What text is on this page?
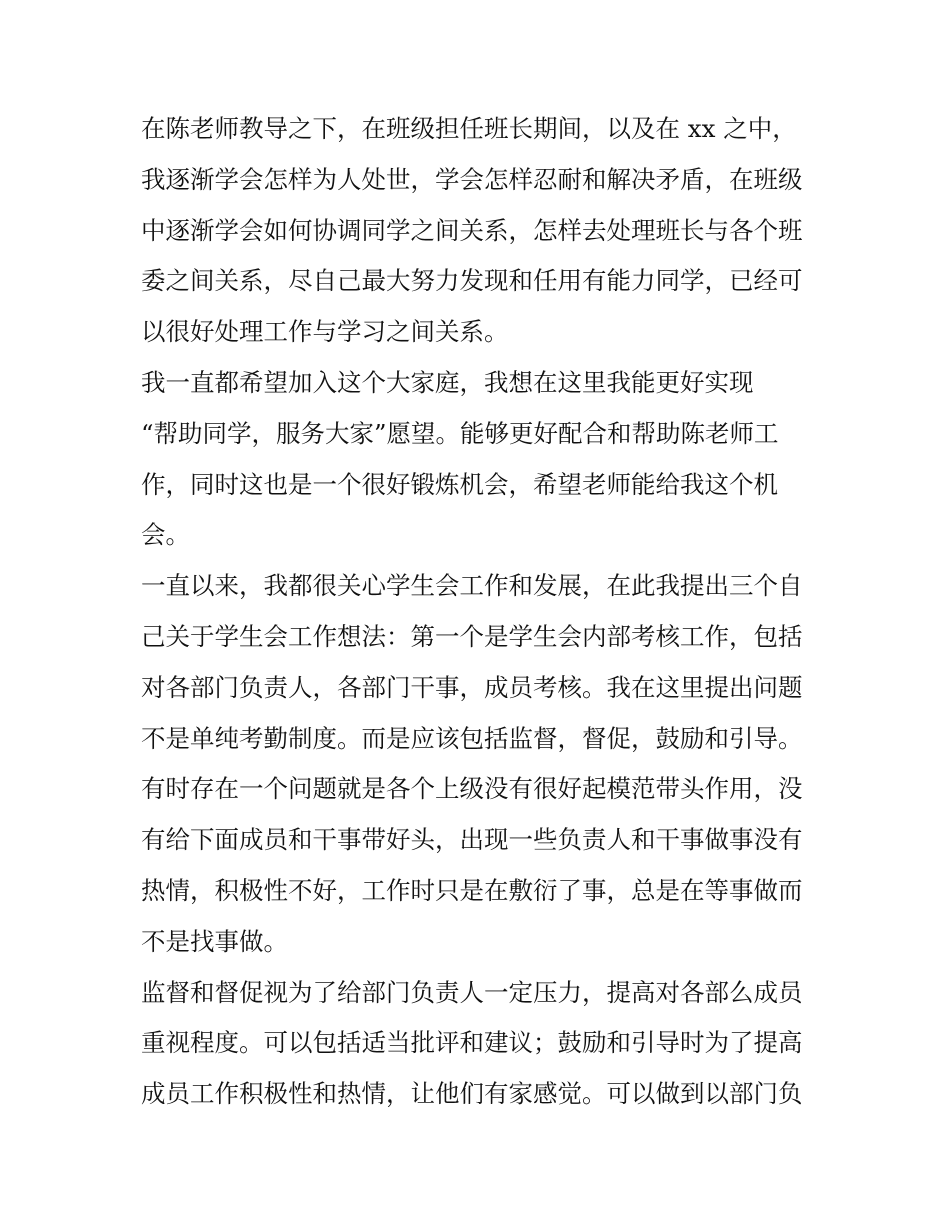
在陈老师教导之下，在班级担任班长期间，以及在 xx 之中，
我逐渐学会怎样为人处世，学会怎样忍耐和解决矛盾，在班级
中逐渐学会如何协调同学之间关系，怎样去处理班长与各个班
委之间关系，尽自己最大努力发现和任用有能力同学，已经可
以很好处理工作与学习之间关系。
我一直都希望加入这个大家庭，我想在这里我能更好实现
“帮助同学，服务大家”愿望。能够更好配合和帮助陈老师工
作，同时这也是一个很好锻炼机会，希望老师能给我这个机
会。
一直以来，我都很关心学生会工作和发展，在此我提出三个自
己关于学生会工作想法：第一个是学生会内部考核工作，包括
对各部门负责人，各部门干事，成员考核。我在这里提出问题
不是单纯考勤制度。而是应该包括监督，督促，鼓励和引导。
有时存在一个问题就是各个上级没有很好起模范带头作用，没
有给下面成员和干事带好头，出现一些负责人和干事做事没有
热情，积极性不好，工作时只是在敷衍了事，总是在等事做而
不是找事做。
监督和督促视为了给部门负责人一定压力，提高对各部么成员
重视程度。可以包括适当批评和建议；鼓励和引导时为了提高
成员工作积极性和热情，让他们有家感觉。可以做到以部门负
